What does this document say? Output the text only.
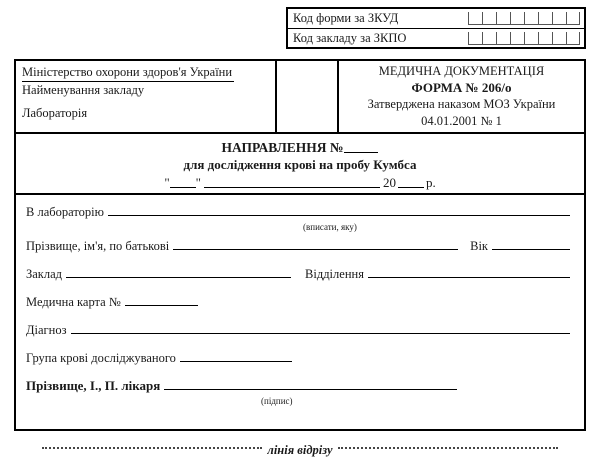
Код форми за ЗКУД
Код закладу за ЗКПО
Міністерство охорони здоров'я України
Найменування закладу
Лабораторія
МЕДИЧНА ДОКУМЕНТАЦІЯ
ФОРМА № 206/о
Затверджена наказом МОЗ України
04.01.2001 № 1
НАПРАВЛЕННЯ №
для дослідження крові на пробу Кумбса
" "	20 р.
В лабораторію
(вписати, яку)
Прізвище, ім'я, по батькові	Вік
Заклад	Відділення
Медична карта №
Діагноз
Група крові досліджуваного
Прізвище, І., П. лікаря
(підпис)
лінія відрізу
